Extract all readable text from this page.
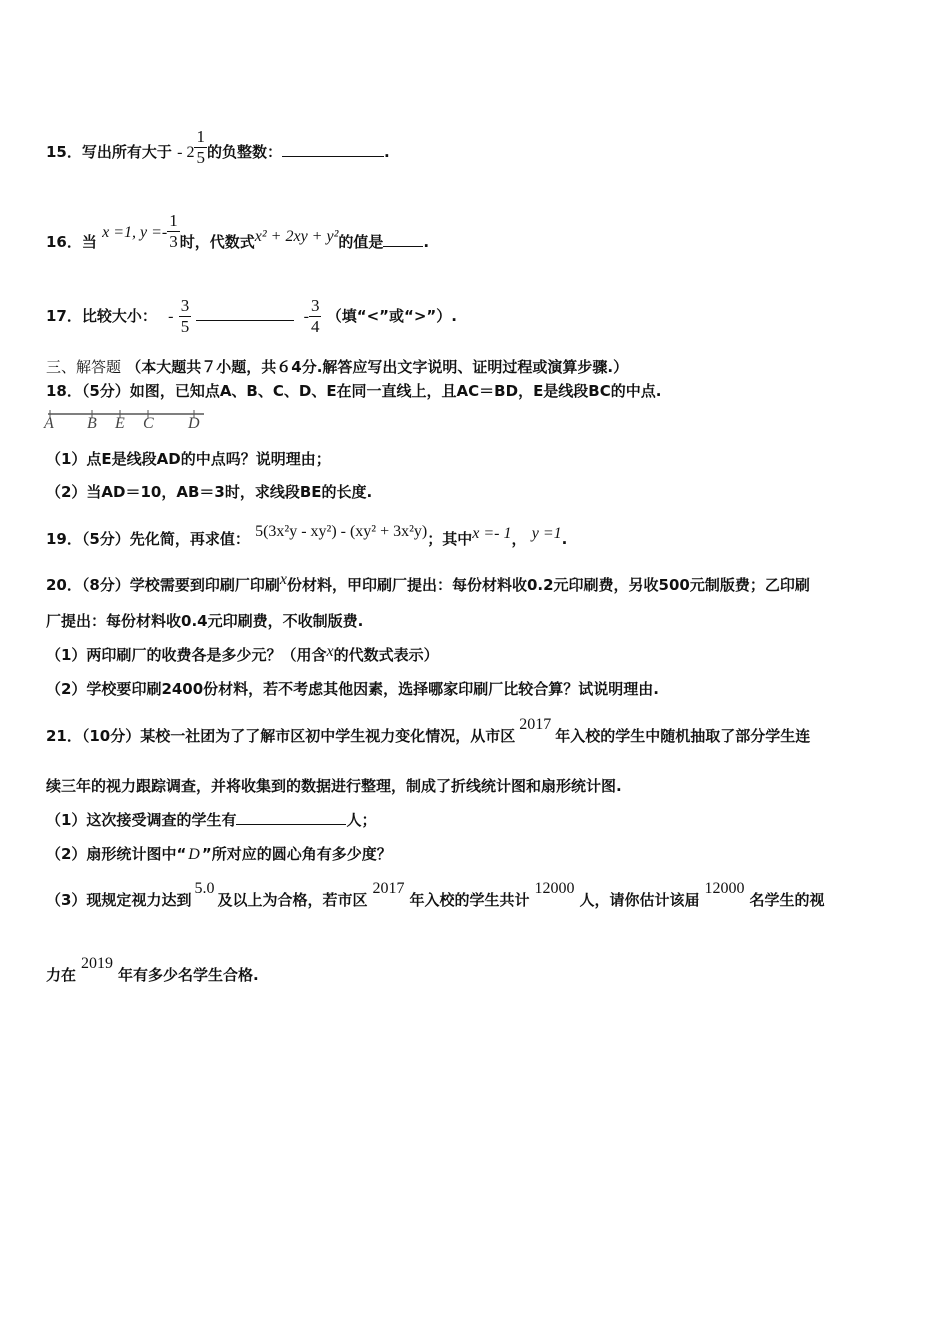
15．写出所有大于 - $2 \frac{1}{5}$ 的负整数：	.
16．当 x =1, $y =- \frac{1}{3}$ 时，代数式x² + 2xy + y²的值是	.
17．比较大小： - $\frac{3}{5}$	- $\frac{3}{4}$ （填“<”或“>”）.
三、解答题 （本大题共７小题，共６4分.解答应写出文字说明、证明过程或演算步骤.）
18．（5分）如图，已知点A、B、C、D、E在同一直线上，且AC＝BD，E是线段BC的中点.
A B E C D
（1）点E是线段AD的中点吗？说明理由；
（2）当AD＝10，AB＝3时，求线段BE的长度.
19．（5分）先化简，再求值： 5(3x²y - xy²) - (xy² + 3x²y)；其中x =- 1， y =1.
20．（8分）学校需要到印刷厂印刷x份材料，甲印刷厂提出：每份材料收0.2元印刷费，另收500元制版费；乙印刷
厂提出：每份材料收0.4元印刷费，不收制版费.
（1）两印刷厂的收费各是多少元？（用含x的代数式表示）
（2）学校要印刷2400份材料，若不考虑其他因素，选择哪家印刷厂比较合算？试说明理由.
21．（10分）某校一社团为了了解市区初中学生视力变化情况，从市区2017年入校的学生中随机抽取了部分学生连
续三年的视力跟踪调查，并将收集到的数据进行整理，制成了折线统计图和扇形统计图.
（1）这次接受调查的学生有	人；
（2）扇形统计图中“ D ”所对应的圆心角有多少度？
（3）现规定视力达到5.0及以上为合格，若市区2017年入校的学生共计12000人，请你估计该届12000名学生的视
力在2019年有多少名学生合格.
